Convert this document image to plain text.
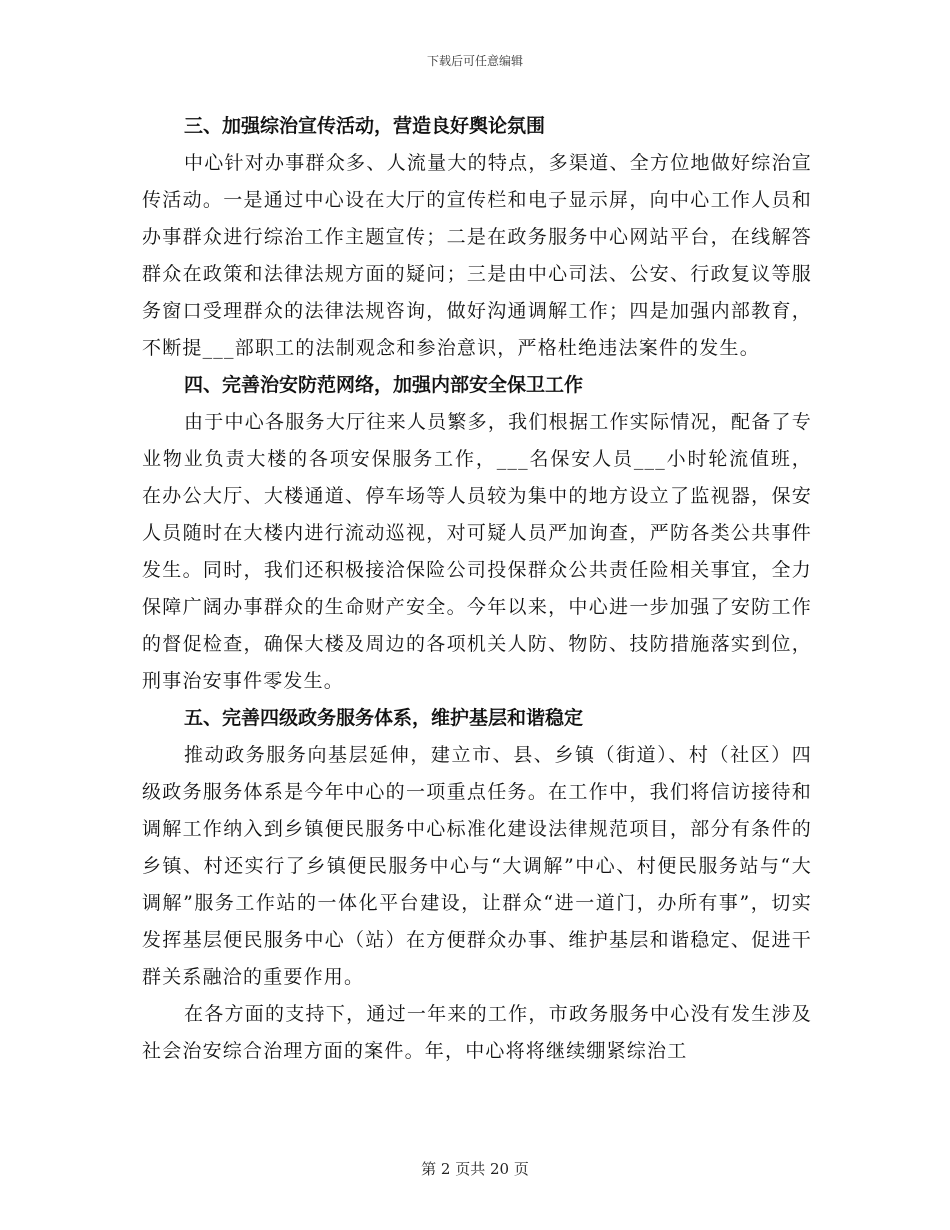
下载后可任意编辑
三、加强综治宣传活动，营造良好舆论氛围
中心针对办事群众多、人流量大的特点，多渠道、全方位地做好综治宣传活动。一是通过中心设在大厅的宣传栏和电子显示屏，向中心工作人员和办事群众进行综治工作主题宣传；二是在政务服务中心网站平台，在线解答群众在政策和法律法规方面的疑问；三是由中心司法、公安、行政复议等服务窗口受理群众的法律法规咨询，做好沟通调解工作；四是加强内部教育，不断提___部职工的法制观念和参治意识，严格杜绝违法案件的发生。
四、完善治安防范网络，加强内部安全保卫工作
由于中心各服务大厅往来人员繁多，我们根据工作实际情况，配备了专业物业负责大楼的各项安保服务工作，___名保安人员___小时轮流值班，在办公大厅、大楼通道、停车场等人员较为集中的地方设立了监视器，保安人员随时在大楼内进行流动巡视，对可疑人员严加询查，严防各类公共事件发生。同时，我们还积极接洽保险公司投保群众公共责任险相关事宜，全力保障广阔办事群众的生命财产安全。今年以来，中心进一步加强了安防工作的督促检查，确保大楼及周边的各项机关人防、物防、技防措施落实到位，刑事治安事件零发生。
五、完善四级政务服务体系，维护基层和谐稳定
推动政务服务向基层延伸，建立市、县、乡镇（街道）、村（社区）四级政务服务体系是今年中心的一项重点任务。在工作中，我们将信访接待和调解工作纳入到乡镇便民服务中心标准化建设法律规范项目，部分有条件的乡镇、村还实行了乡镇便民服务中心与“大调解”中心、村便民服务站与“大调解”服务工作站的一体化平台建设，让群众“进一道门，办所有事”，切实发挥基层便民服务中心（站）在方便群众办事、维护基层和谐稳定、促进干群关系融洽的重要作用。
在各方面的支持下，通过一年来的工作，市政务服务中心没有发生涉及社会治安综合治理方面的案件。年，中心将将继续绷紧综治工
第 2 页共 20 页
